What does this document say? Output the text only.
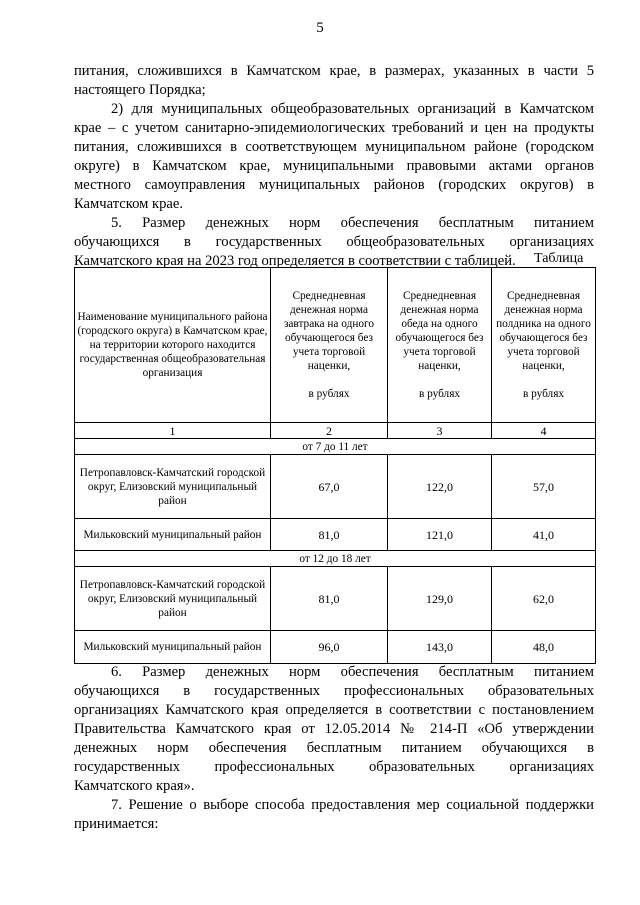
5
питания, сложившихся в Камчатском крае, в размерах, указанных в части 5
настоящего Порядка;
2) для муниципальных общеобразовательных организаций в Камчатском
крае – с учетом санитарно-эпидемиологических требований и цен на продукты
питания, сложившихся в соответствующем муниципальном районе (городском
округе) в Камчатском крае, муниципальными правовыми актами органов
местного самоуправления муниципальных районов (городских округов) в
Камчатском крае.
5. Размер денежных норм обеспечения бесплатным питанием
обучающихся в государственных общеобразовательных организациях
Камчатского края на 2023 год определяется в соответствии с таблицей.	Таблица
Наименование муниципального района (городского округа) в Камчатском крае, на территории которого находится государственная общеобразовательная организация	Среднедневная денежная норма завтрака на одного обучающегося без учета торговой наценки,
в рублях	Среднедневная денежная норма обеда на одного обучающегося без учета торговой наценки,
в рублях	Среднедневная денежная норма полдника на одного обучающегося без учета торговой наценки,
в рублях

1	2	3	4
от 7 до 11 лет			
Петропавловск-Камчатский городской округ, Елизовский муниципальный район	67,0	122,0	57,0
Мильковский муниципальный район	81,0	121,0	41,0
от 12 до 18 лет			
Петропавловск-Камчатский городской округ, Елизовский муниципальный район	81,0	129,0	62,0
Мильковский муниципальный район	96,0	143,0	48,0
6. Размер денежных норм обеспечения бесплатным питанием
обучающихся в государственных профессиональных образовательных
организациях Камчатского края определяется в соответствии с постановлением
Правительства Камчатского края от 12.05.2014 № 214-П «Об утверждении
денежных норм обеспечения бесплатным питанием обучающихся в
государственных профессиональных образовательных организациях
Камчатского края».
7. Решение о выборе способа предоставления мер социальной поддержки
принимается:
